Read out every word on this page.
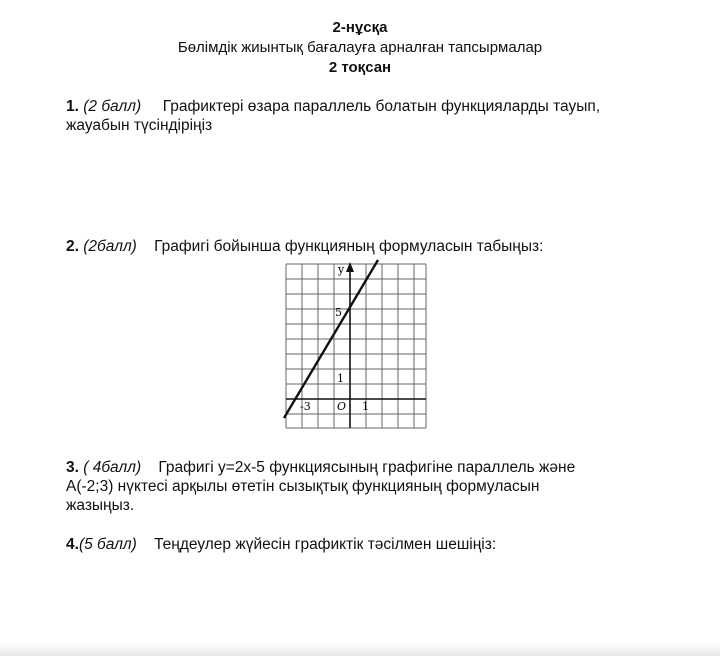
2-нұсқа
Бөлімдік жиынтық бағалауға арналған тапсырмалар
2 тоқсан
1. (2 балл) Графиктері өзара параллель болатын функцияларды тауып,
жауабын түсіндіріңіз
2. (2балл) Графигі бойынша функцияның формуласын табыңыз:
y
5
1
-3 O 1
3. ( 4балл) Графигі у=2х-5 функциясының графигіне параллель және
А(-2;3) нүктесі арқылы өтетін сызықтық функцияның формуласын
жазыңыз.
4.(5 балл) Теңдеулер жүйесін графиктік тәсілмен шешіңіз:
